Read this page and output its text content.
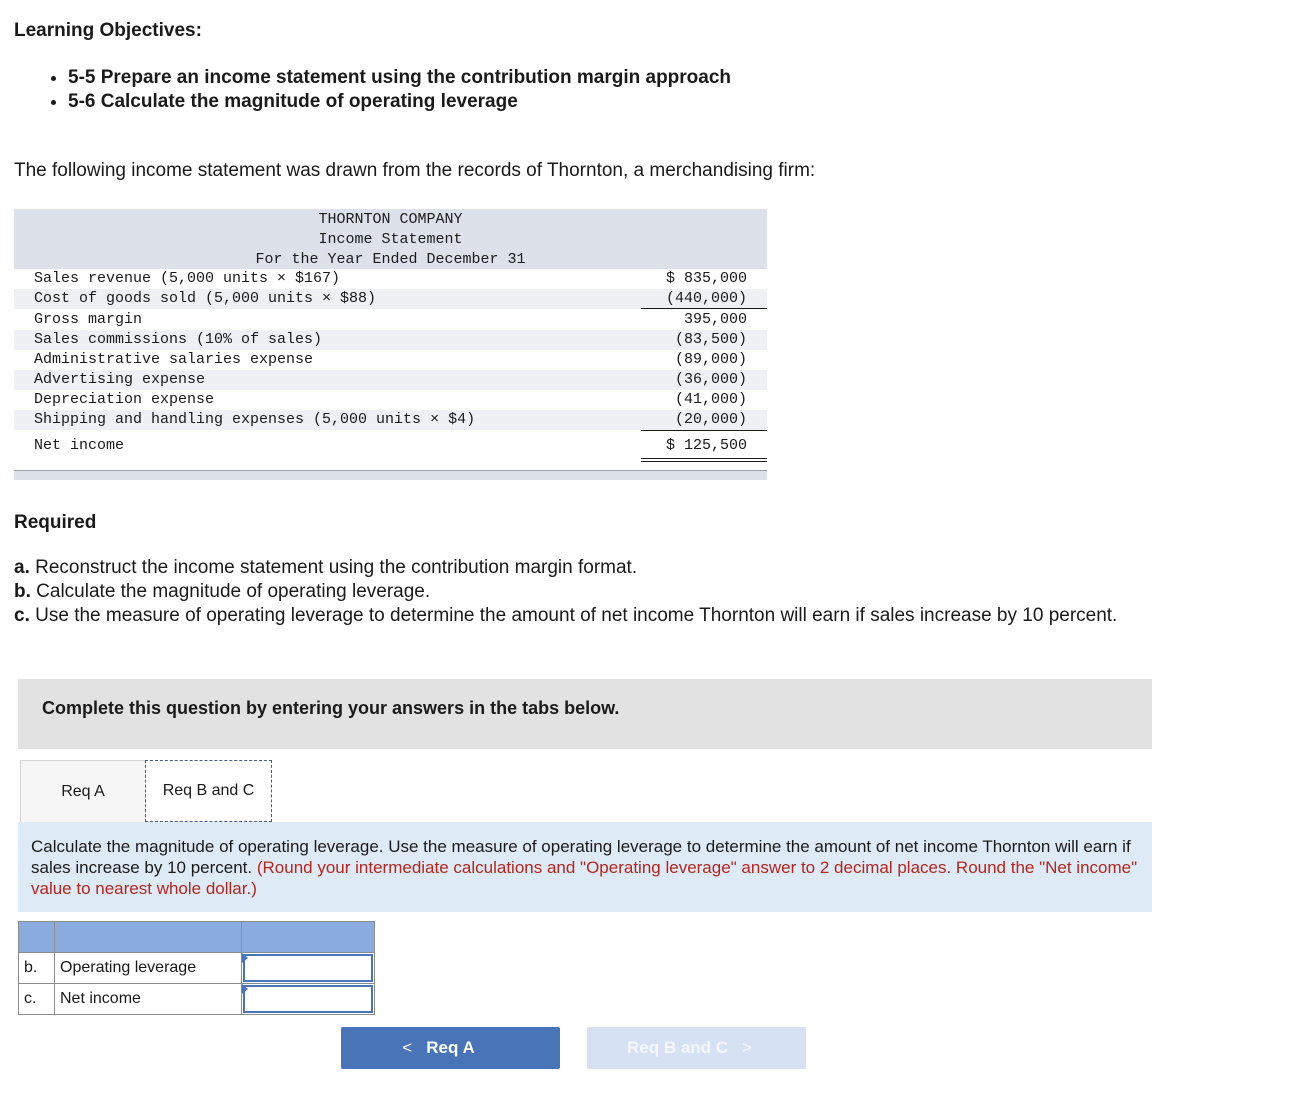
Learning Objectives:
• 5-5 Prepare an income statement using the contribution margin approach
• 5-6 Calculate the magnitude of operating leverage
The following income statement was drawn from the records of Thornton, a merchandising firm:
THORNTON COMPANY
Income Statement
For the Year Ended December 31
Sales revenue (5,000 units × $167)	$ 835,000
Cost of goods sold (5,000 units × $88)	(440,000)
Gross margin	395,000
Sales commissions (10% of sales)	(83,500)
Administrative salaries expense	(89,000)
Advertising expense	(36,000)
Depreciation expense	(41,000)
Shipping and handling expenses (5,000 units × $4)	(20,000)
Net income	$ 125,500
Required
a. Reconstruct the income statement using the contribution margin format.
b. Calculate the magnitude of operating leverage.
c. Use the measure of operating leverage to determine the amount of net income Thornton will earn if sales increase by 10 percent.
Complete this question by entering your answers in the tabs below.
Req A	Req B and C

Calculate the magnitude of operating leverage. Use the measure of operating leverage to determine the amount of net income Thornton will earn if sales increase by 10 percent. (Round your intermediate calculations and "Operating leverage" answer to 2 decimal places. Round the "Net income" value to nearest whole dollar.)

b.	Operating leverage	

c.	Net income	
< Req A	Req B and C >
